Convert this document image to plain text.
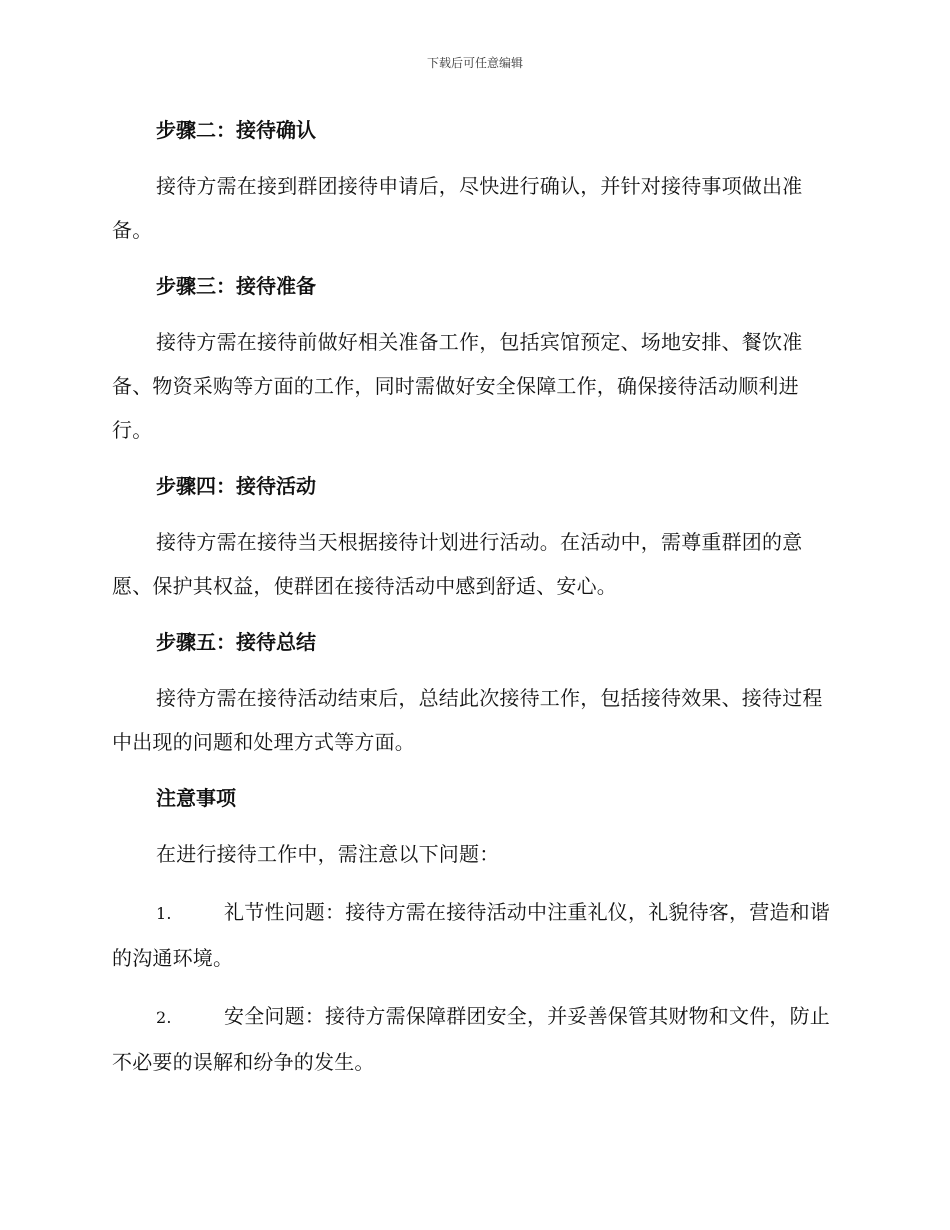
下载后可任意编辑
步骤二：接待确认

接待方需在接到群团接待申请后，尽快进行确认，并针对接待事项做出准备。

步骤三：接待准备

接待方需在接待前做好相关准备工作，包括宾馆预定、场地安排、餐饮准备、物资采购等方面的工作，同时需做好安全保障工作，确保接待活动顺利进行。

步骤四：接待活动

接待方需在接待当天根据接待计划进行活动。在活动中，需尊重群团的意愿、保护其权益，使群团在接待活动中感到舒适、安心。

步骤五：接待总结

接待方需在接待活动结束后，总结此次接待工作，包括接待效果、接待过程中出现的问题和处理方式等方面。

注意事项

在进行接待工作中，需注意以下问题：

1.	礼节性问题：接待方需在接待活动中注重礼仪，礼貌待客，营造和谐的沟通环境。

2.	安全问题：接待方需保障群团安全，并妥善保管其财物和文件，防止不必要的误解和纷争的发生。
